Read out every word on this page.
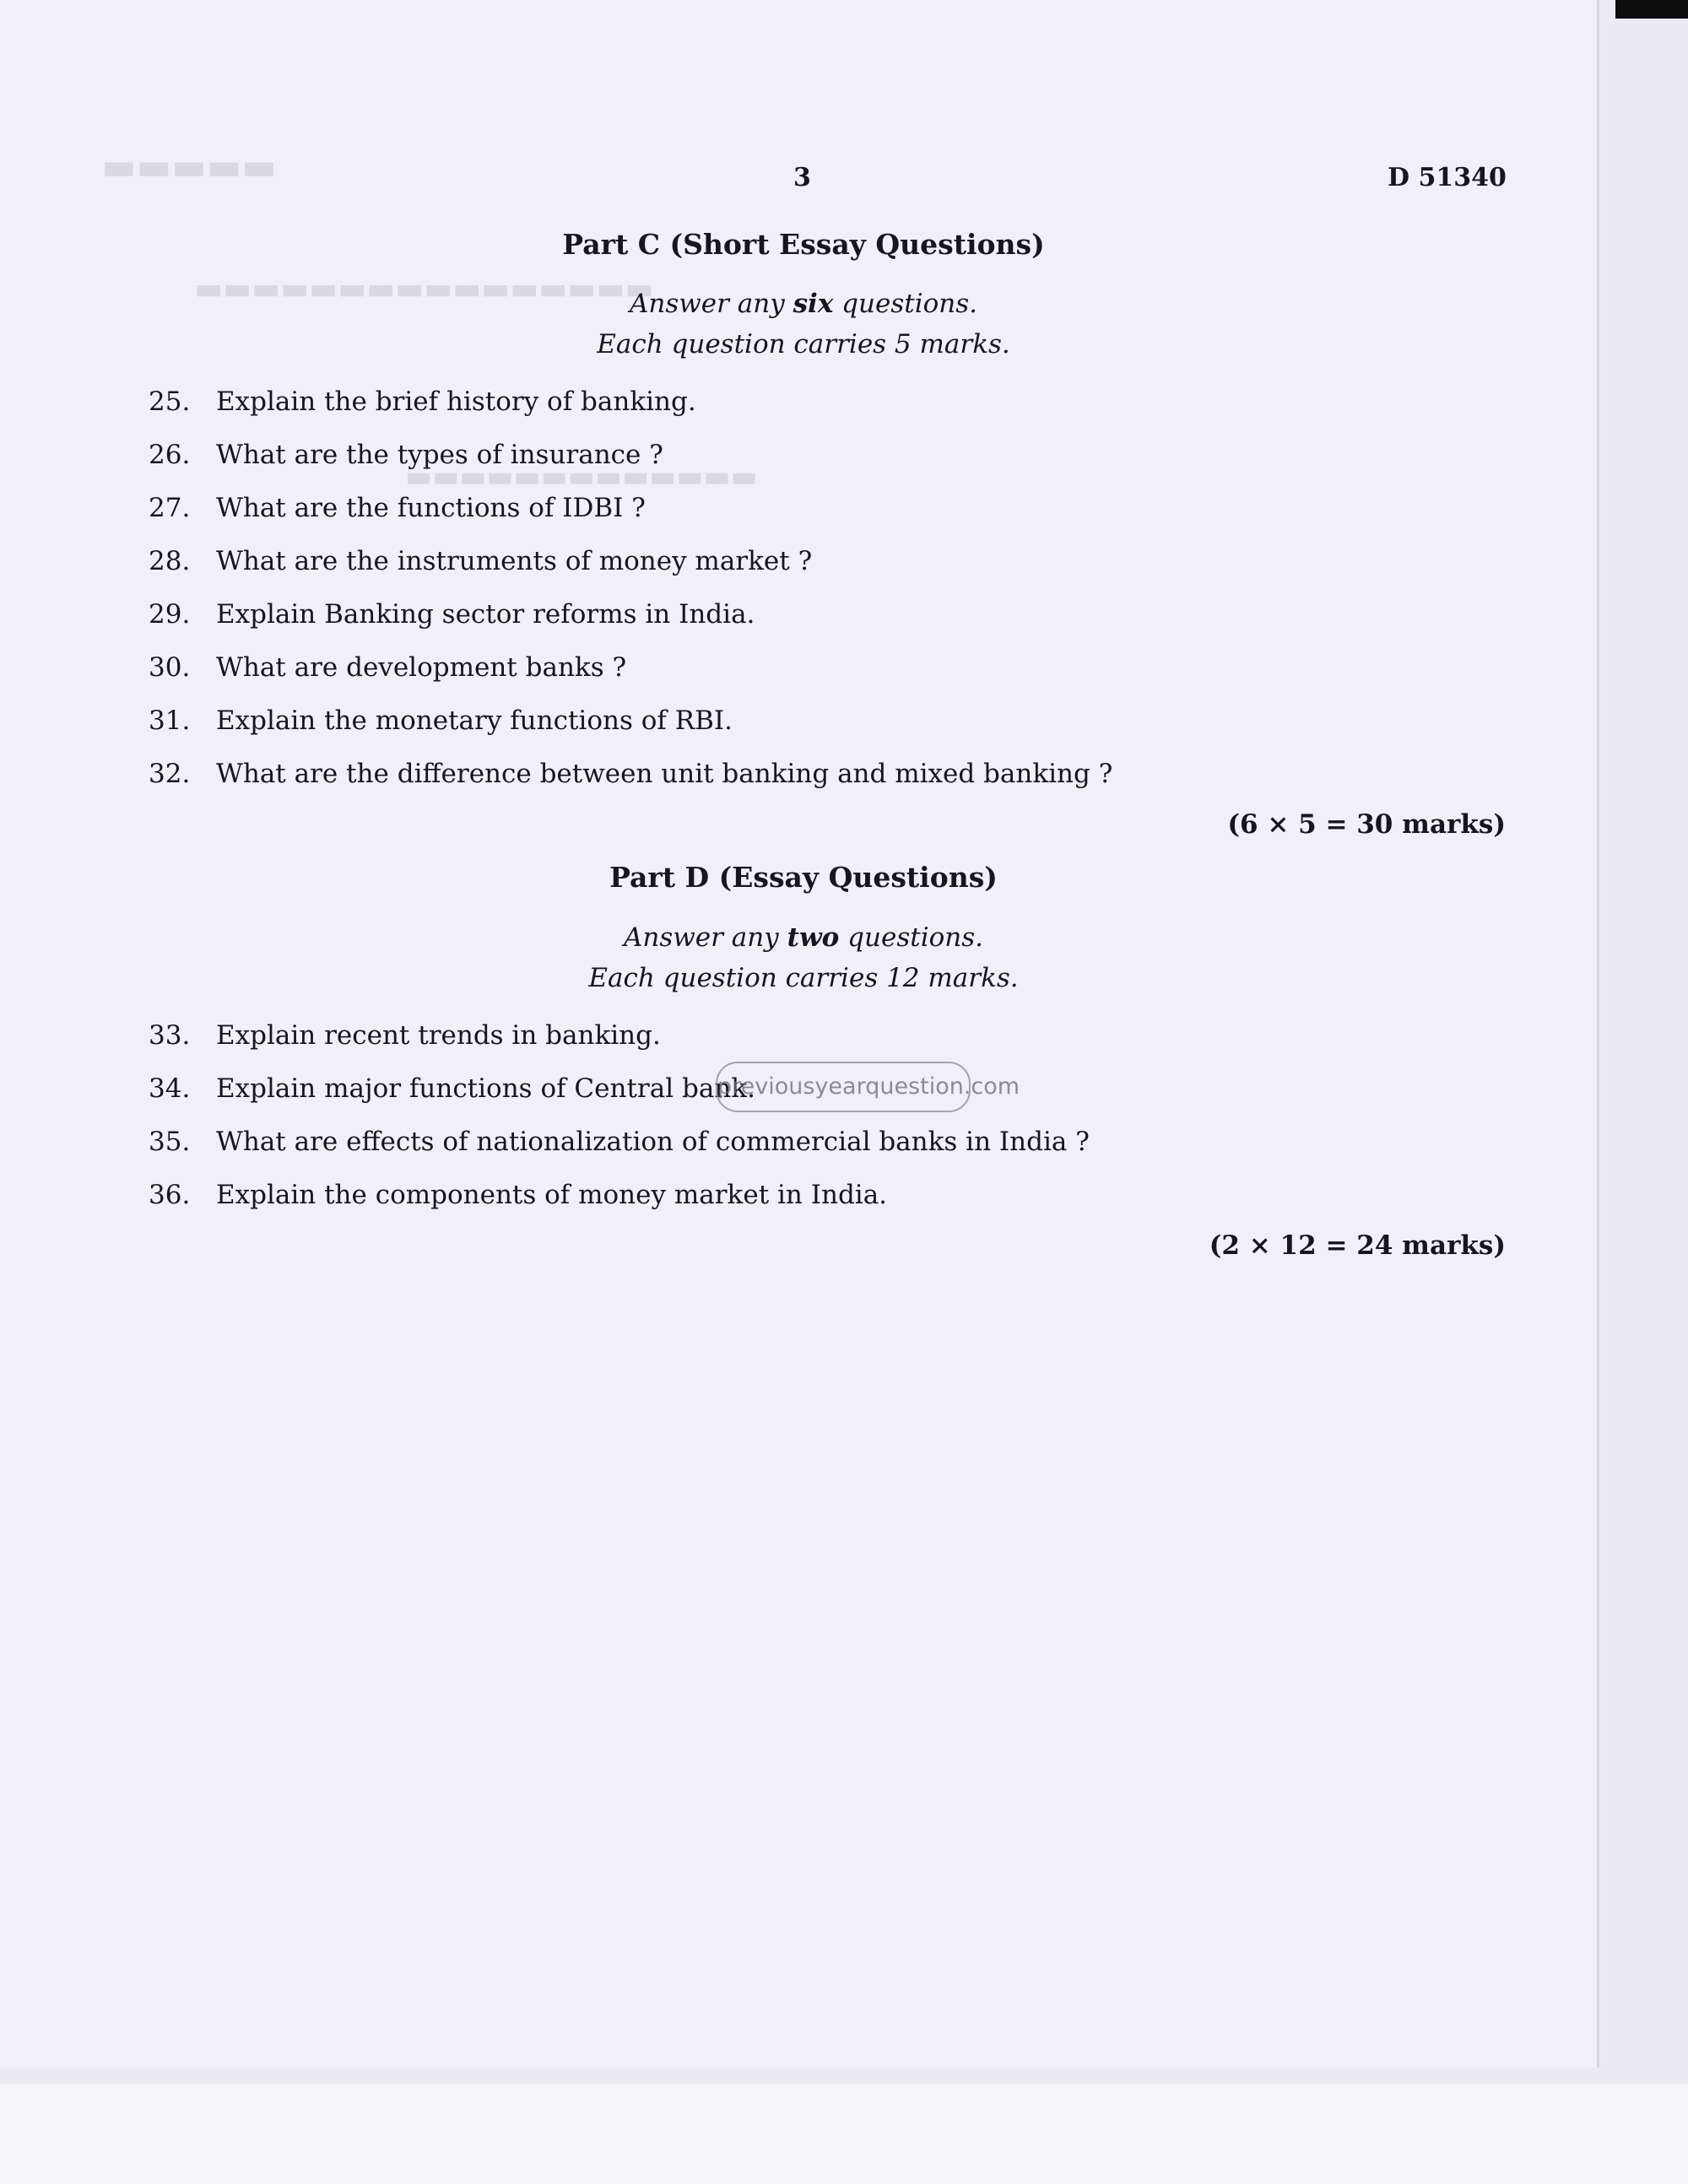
▬▬▬▬▬
▬▬▬▬▬▬▬▬▬▬▬▬▬▬▬▬
▬▬▬▬▬▬▬▬▬▬▬▬▬
3	D 51340
Part C (Short Essay Questions)
Answer any six questions.
Each question carries 5 marks.
25. Explain the brief history of banking.
26. What are the types of insurance ?
27. What are the functions of IDBI ?
28. What are the instruments of money market ?
29. Explain Banking sector reforms in India.
30. What are development banks ?
31. Explain the monetary functions of RBI.
32. What are the difference between unit banking and mixed banking ?
(6 × 5 = 30 marks)
Part D (Essay Questions)
Answer any two questions.
Each question carries 12 marks.
33. Explain recent trends in banking.
34. Explain major functions of Central bank.
35. What are effects of nationalization of commercial banks in India ?
36. Explain the components of money market in India.
(2 × 12 = 24 marks)
previousyearquestion.com
